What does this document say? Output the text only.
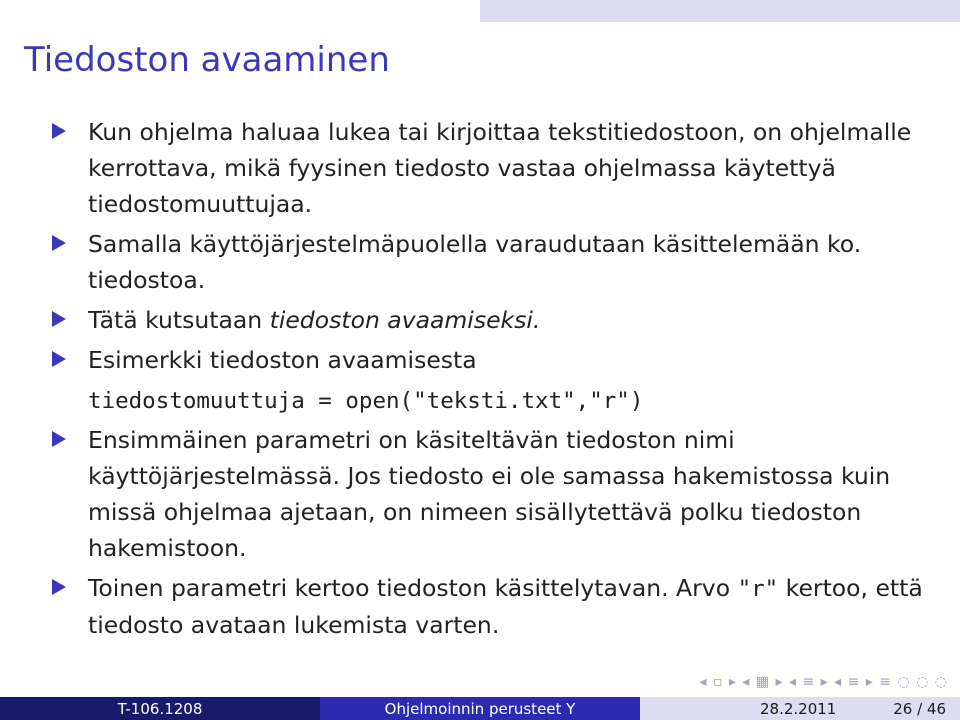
Tiedoston avaaminen
Kun ohjelma haluaa lukea tai kirjoittaa tekstitiedostoon, on ohjelmalle kerrottava, mikä fyysinen tiedosto vastaa ohjelmassa käytettyä tiedostomuuttujaa.
Samalla käyttöjärjestelmäpuolella varaudutaan käsittelemään ko. tiedostoa.
Tätä kutsutaan tiedoston avaamiseksi.
Esimerkki tiedoston avaamisesta
tiedostomuuttuja = open("teksti.txt","r")
Ensimmäinen parametri on käsiteltävän tiedoston nimi käyttöjärjestelmässä. Jos tiedosto ei ole samassa hakemistossa kuin missä ohjelmaa ajetaan, on nimeen sisällytettävä polku tiedoston hakemistoon.
Toinen parametri kertoo tiedoston käsittelytavan. Arvo "r" kertoo, että tiedosto avataan lukemista varten.
◂ ▫ ▸ ◂ ▦ ▸ ◂ ≡ ▸ ◂ ≡ ▸ ≡ ◌ ◌ ◌
T-106.1208	Ohjelmoinnin perusteet Y	28.2.2011	26 / 46
